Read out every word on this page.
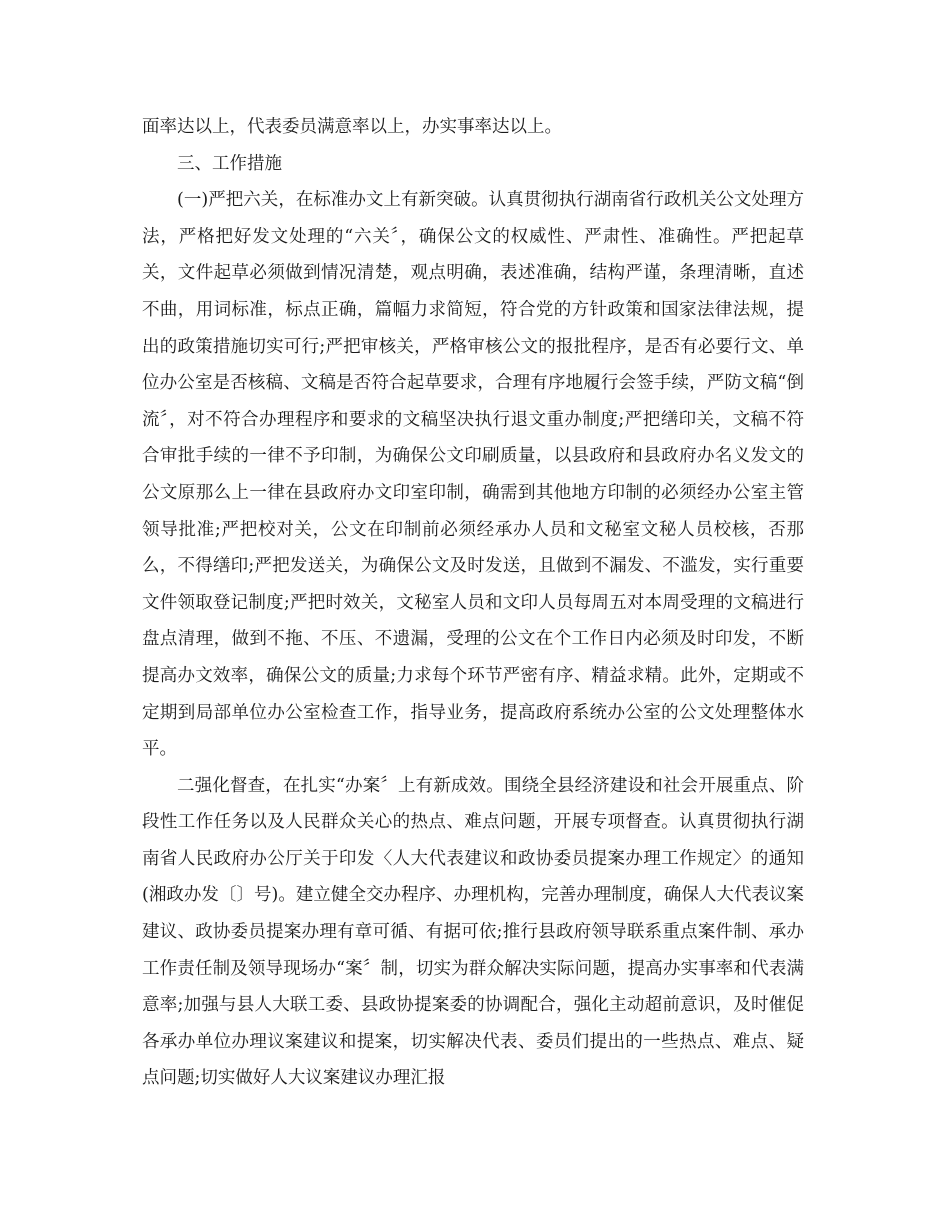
面率达以上，代表委员满意率以上，办实事率达以上。

三、工作措施

(一)严把六关，在标准办文上有新突破。认真贯彻执行湖南省行政机关公文处理方法，严格把好发文处理的“六关〞，确保公文的权威性、严肃性、准确性。严把起草关，文件起草必须做到情况清楚，观点明确，表述准确，结构严谨，条理清晰，直述不曲，用词标准，标点正确，篇幅力求简短，符合党的方针政策和国家法律法规，提出的政策措施切实可行;严把审核关，严格审核公文的报批程序，是否有必要行文、单位办公室是否核稿、文稿是否符合起草要求，合理有序地履行会签手续，严防文稿“倒流〞，对不符合办理程序和要求的文稿坚决执行退文重办制度;严把缮印关，文稿不符合审批手续的一律不予印制，为确保公文印刷质量，以县政府和县政府办名义发文的公文原那么上一律在县政府办文印室印制，确需到其他地方印制的必须经办公室主管领导批准;严把校对关，公文在印制前必须经承办人员和文秘室文秘人员校核，否那么，不得缮印;严把发送关，为确保公文及时发送，且做到不漏发、不滥发，实行重要文件领取登记制度;严把时效关，文秘室人员和文印人员每周五对本周受理的文稿进行盘点清理，做到不拖、不压、不遗漏，受理的公文在个工作日内必须及时印发，不断提高办文效率，确保公文的质量;力求每个环节严密有序、精益求精。此外，定期或不定期到局部单位办公室检查工作，指导业务，提高政府系统办公室的公文处理整体水平。

二强化督查，在扎实“办案〞上有新成效。围绕全县经济建设和社会开展重点、阶段性工作任务以及人民群众关心的热点、难点问题，开展专项督查。认真贯彻执行湖南省人民政府办公厅关于印发〈人大代表建议和政协委员提案办理工作规定〉的通知(湘政办发〔〕号)。建立健全交办程序、办理机构，完善办理制度，确保人大代表议案建议、政协委员提案办理有章可循、有据可依;推行县政府领导联系重点案件制、承办工作责任制及领导现场办“案〞制，切实为群众解决实际问题，提高办实事率和代表满意率;加强与县人大联工委、县政协提案委的协调配合，强化主动超前意识，及时催促各承办单位办理议案建议和提案，切实解决代表、委员们提出的一些热点、难点、疑点问题;切实做好人大议案建议办理汇报
